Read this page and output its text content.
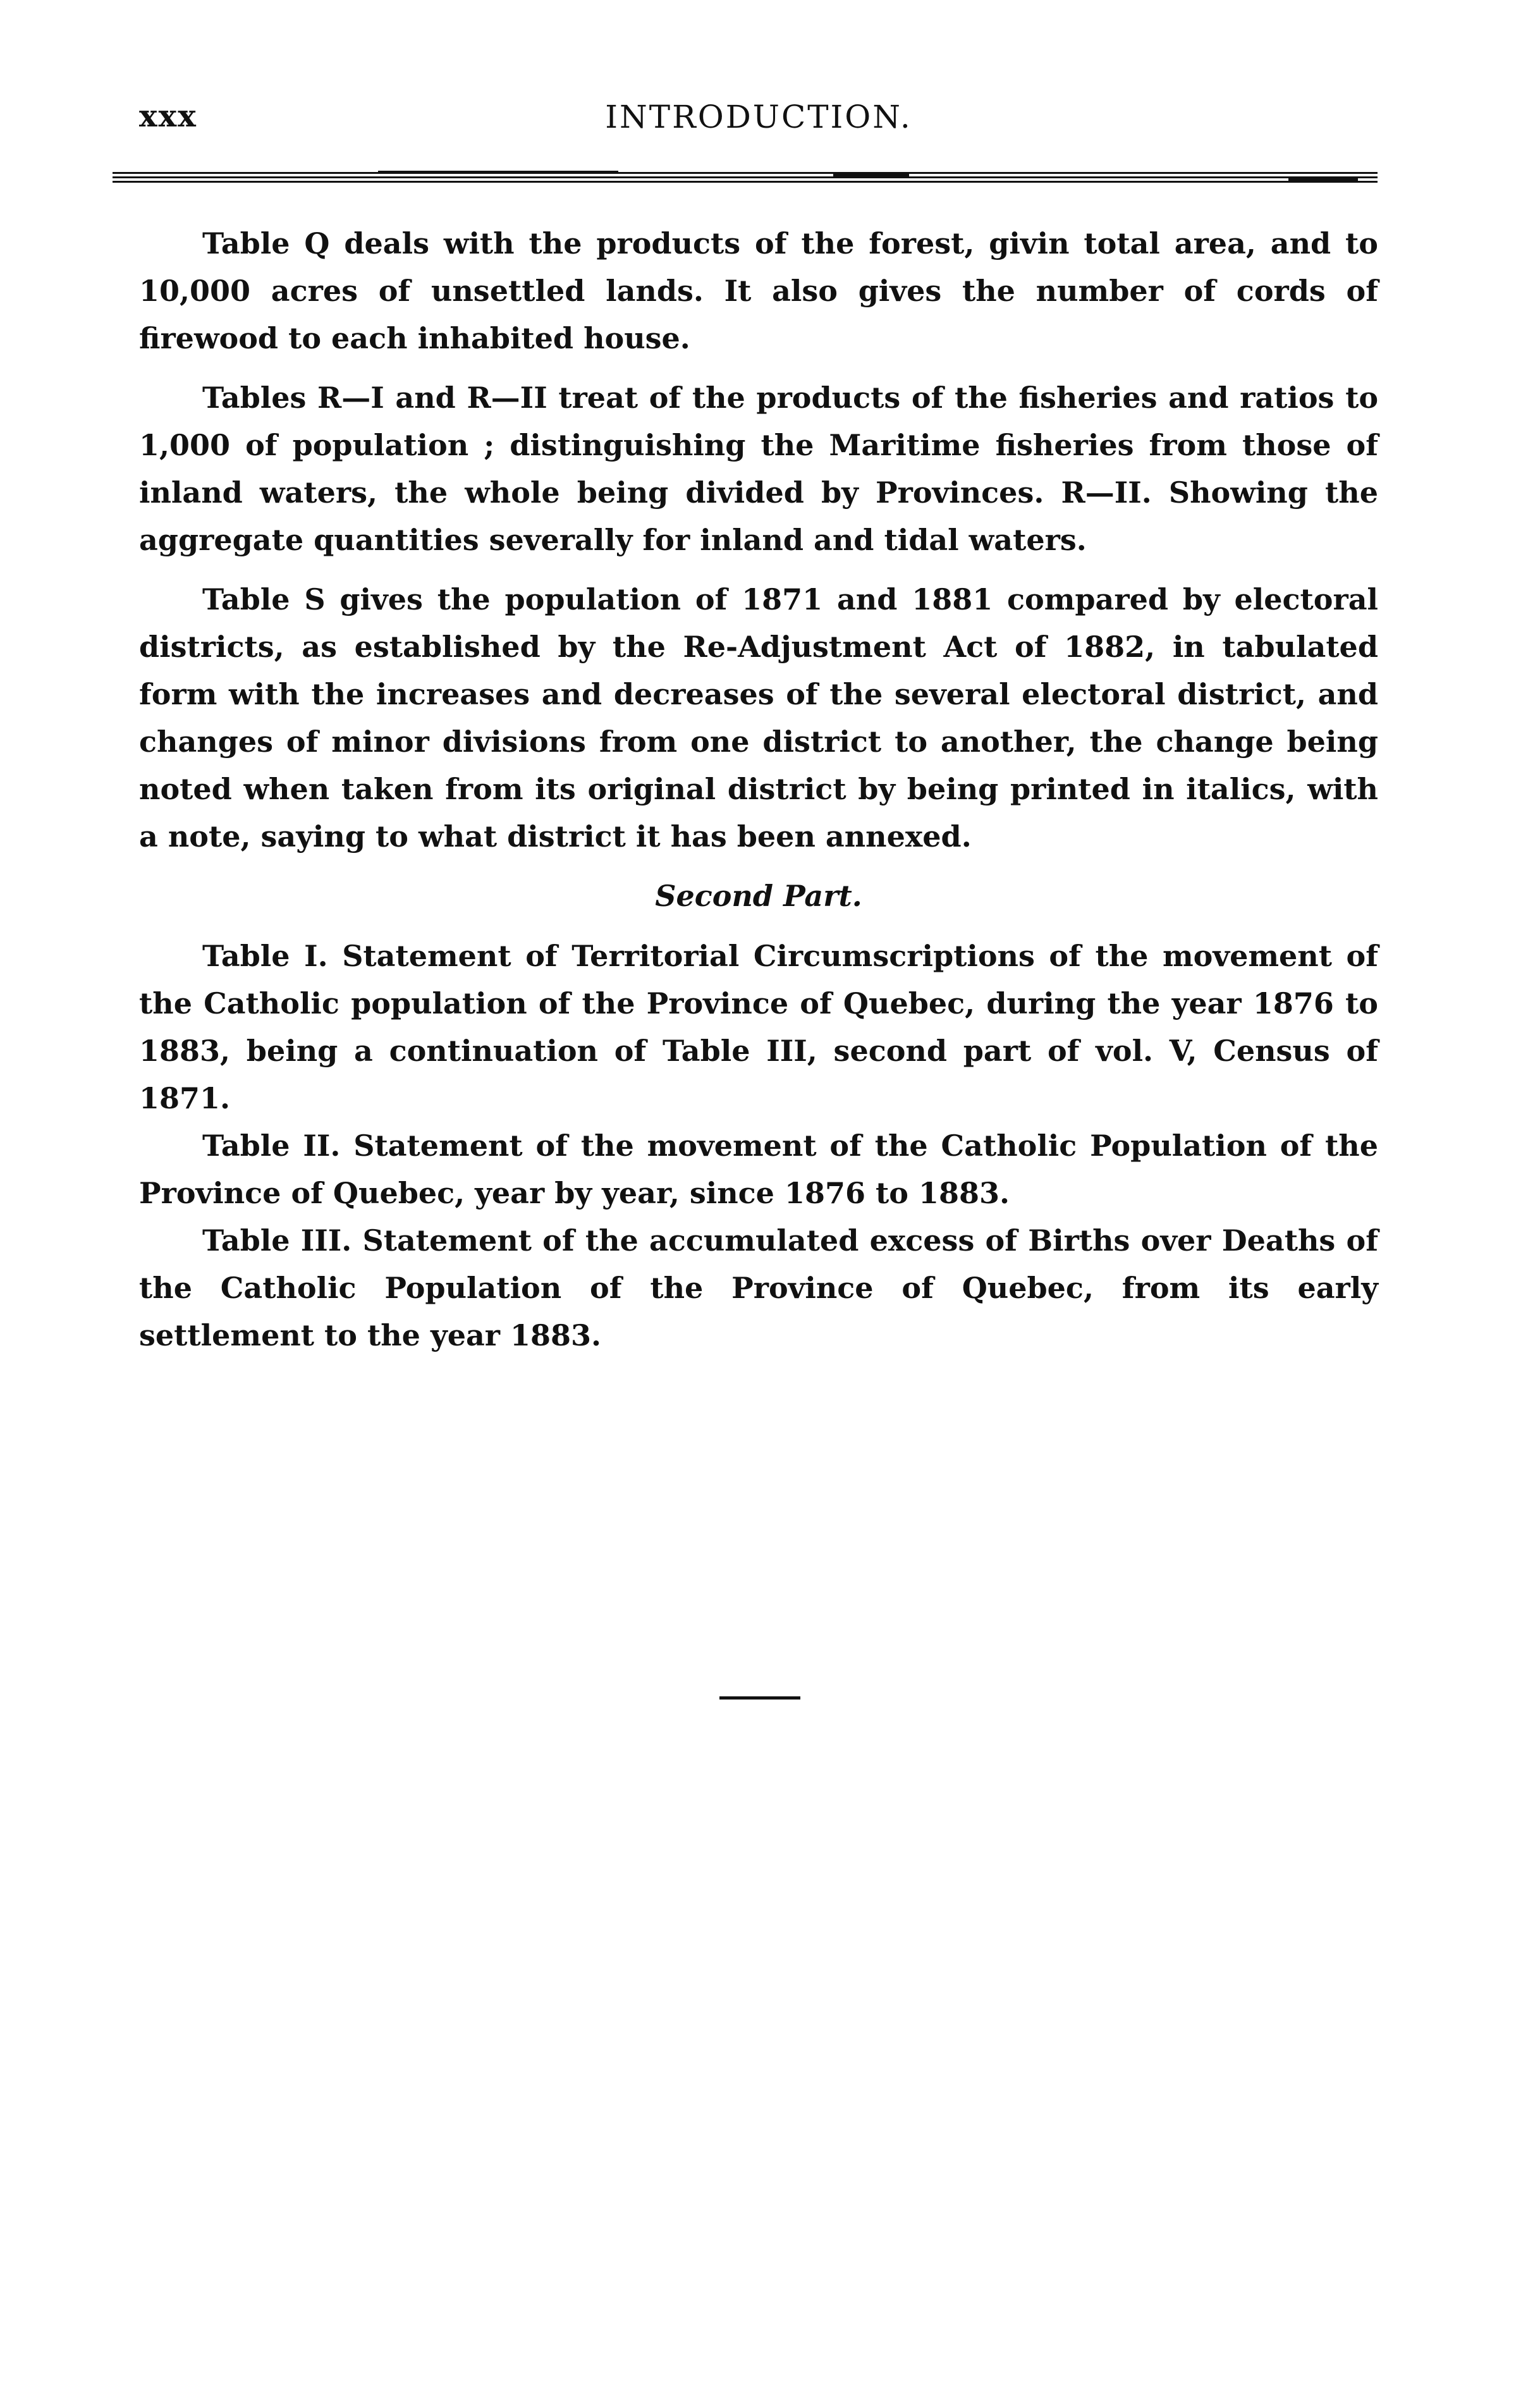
xxx	INTRODUCTION.

Table Q deals with the products of the forest, givin total area, and to 10,000 acres of unsettled lands. It also gives the number of cords of firewood to each inhabited house.

Tables R—I and R—II treat of the products of the fisheries and ratios to 1,000 of population ; distinguishing the Maritime fisheries from those of inland waters, the whole being divided by Provinces. R—II. Showing the aggregate quantities severally for inland and tidal waters.

Table S gives the population of 1871 and 1881 compared by electoral districts, as established by the Re-Adjustment Act of 1882, in tabulated form with the increases and decreases of the several electoral district, and changes of minor divisions from one district to another, the change being noted when taken from its original district by being printed in italics, with a note, saying to what district it has been annexed.

Second Part.

Table I. Statement of Territorial Circumscriptions of the movement of the Catholic population of the Province of Quebec, during the year 1876 to 1883, being a continuation of Table III, second part of vol. V, Census of 1871.

Table II. Statement of the movement of the Catholic Population of the Province of Quebec, year by year, since 1876 to 1883.

Table III. Statement of the accumulated excess of Births over Deaths of the Catholic Population of the Province of Quebec, from its early settlement to the year 1883.
